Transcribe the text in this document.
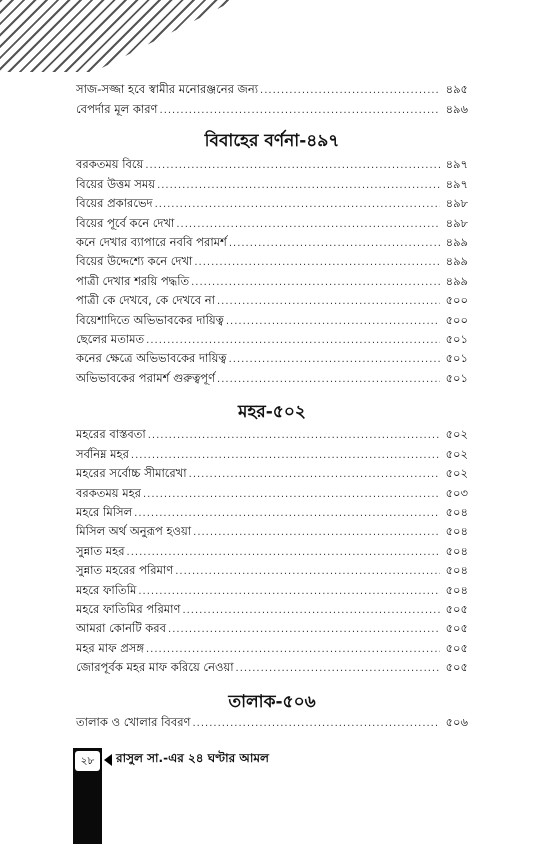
সাজ-সজ্জা হবে স্বামীর মনোরঞ্জনের জন্য .....	৪৯৫
বেপর্দার মূল কারণ .....	৪৯৬
বিবাহের বর্ণনা-৪৯৭
বরকতময় বিয়ে .....	৪৯৭
বিয়ের উত্তম সময় .....	৪৯৭
বিয়ের প্রকারভেদ .....	৪৯৮
বিয়ের পূর্বে কনে দেখা .....	৪৯৮
কনে দেখার ব্যাপারে নববি পরামর্শ .....	৪৯৯
বিয়ের উদ্দেশ্যে কনে দেখা .....	৪৯৯
পাত্রী দেখার শরয়ি পদ্ধতি .....	৪৯৯
পাত্রী কে দেখবে, কে দেখবে না .....	৫০০
বিয়েশাদিতে অভিভাবকের দায়িত্ব .....	৫০০
ছেলের মতামত .....	৫০১
কনের ক্ষেত্রে অভিভাবকের দায়িত্ব .....	৫০১
অভিভাবকের পরামর্শ গুরুত্বপূর্ণ .....	৫০১
মহর-৫০২
মহরের বাস্তবতা .....	৫০২
সর্বনিম্ন মহর .....	৫০২
মহরের সর্বোচ্চ সীমারেখা .....	৫০২
বরকতময় মহর .....	৫০৩
মহরে মিসিল .....	৫০৪
মিসিল অর্থ অনুরূপ হওয়া .....	৫০৪
সুন্নাত মহর .....	৫০৪
সুন্নাত মহরের পরিমাণ .....	৫০৪
মহরে ফাতিমি .....	৫০৪
মহরে ফাতিমির পরিমাণ .....	৫০৫
আমরা কোনটি করব .....	৫০৫
মহর মাফ প্রসঙ্গ .....	৫০৫
জোরপূর্বক মহর মাফ করিয়ে নেওয়া .....	৫০৫
তালাক-৫০৬
তালাক ও খোলার বিবরণ .....	৫০৬
২৮	রাসুল সা.-এর ২৪ ঘণ্টার আমল
